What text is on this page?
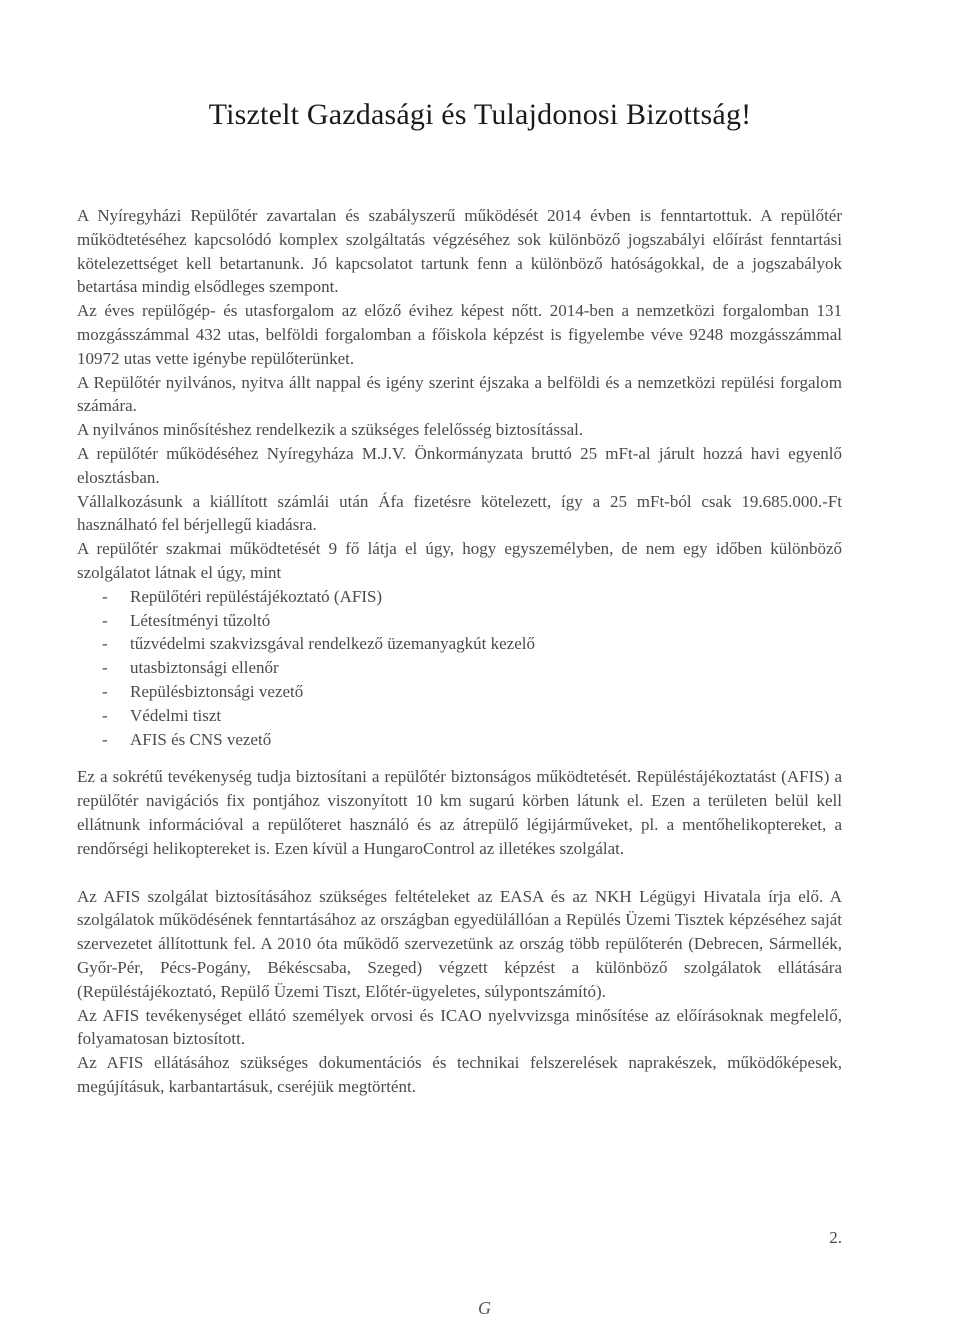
Tisztelt Gazdasági és Tulajdonosi Bizottság!

A Nyíregyházi Repülőtér zavartalan és szabályszerű működését 2014 évben is fenntartottuk. A repülőtér működtetéséhez kapcsolódó komplex szolgáltatás végzéséhez sok különböző jogszabályi előírást fenntartási kötelezettséget kell betartanunk. Jó kapcsolatot tartunk fenn a különböző hatóságokkal, de a jogszabályok betartása mindig elsődleges szempont.

Az éves repülőgép- és utasforgalom az előző évihez képest nőtt. 2014-ben a nemzetközi forgalomban 131 mozgásszámmal 432 utas, belföldi forgalomban a főiskola képzést is figyelembe véve 9248 mozgásszámmal 10972 utas vette igénybe repülőterünket.

A Repülőtér nyilvános, nyitva állt nappal és igény szerint éjszaka a belföldi és a nemzetközi repülési forgalom számára.

A nyilvános minősítéshez rendelkezik a szükséges felelősség biztosítással.

A repülőtér működéséhez Nyíregyháza M.J.V. Önkormányzata bruttó 25 mFt-al járult hozzá havi egyenlő elosztásban.

Vállalkozásunk a kiállított számlái után Áfa fizetésre kötelezett, így a 25 mFt-ból csak 19.685.000.-Ft használható fel bérjellegű kiadásra.

A repülőtér szakmai működtetését 9 fő látja el úgy, hogy egyszemélyben, de nem egy időben különböző szolgálatot látnak el úgy, mint

- Repülőtéri repüléstájékoztató (AFIS)
- Létesítményi tűzoltó
- tűzvédelmi szakvizsgával rendelkező üzemanyagkút kezelő
- utasbiztonsági ellenőr
- Repülésbiztonsági vezető
- Védelmi tiszt
- AFIS és CNS vezető

Ez a sokrétű tevékenység tudja biztosítani a repülőtér biztonságos működtetését. Repüléstájékoztatást (AFIS) a repülőtér navigációs fix pontjához viszonyított 10 km sugarú körben látunk el. Ezen a területen belül kell ellátnunk információval a repülőteret használó és az átrepülő légijárműveket, pl. a mentőhelikoptereket, a rendőrségi helikoptereket is. Ezen kívül a HungaroControl az illetékes szolgálat.

Az AFIS szolgálat biztosításához szükséges feltételeket az EASA és az NKH Légügyi Hivatala írja elő. A szolgálatok működésének fenntartásához az országban egyedülállóan a Repülés Üzemi Tisztek képzéséhez saját szervezetet állítottunk fel. A 2010 óta működő szervezetünk az ország több repülőterén (Debrecen, Sármellék, Győr-Pér, Pécs-Pogány, Békéscsaba, Szeged) végzett képzést a különböző szolgálatok ellátására (Repüléstájékoztató, Repülő Üzemi Tiszt, Előtér-ügyeletes, súlypontszámító).

Az AFIS tevékenységet ellátó személyek orvosi és ICAO nyelvvizsga minősítése az előírásoknak megfelelő, folyamatosan biztosított.

Az AFIS ellátásához szükséges dokumentációs és technikai felszerelések naprakészek, működőképesek, megújításuk, karbantartásuk, cseréjük megtörtént.

2.
G
